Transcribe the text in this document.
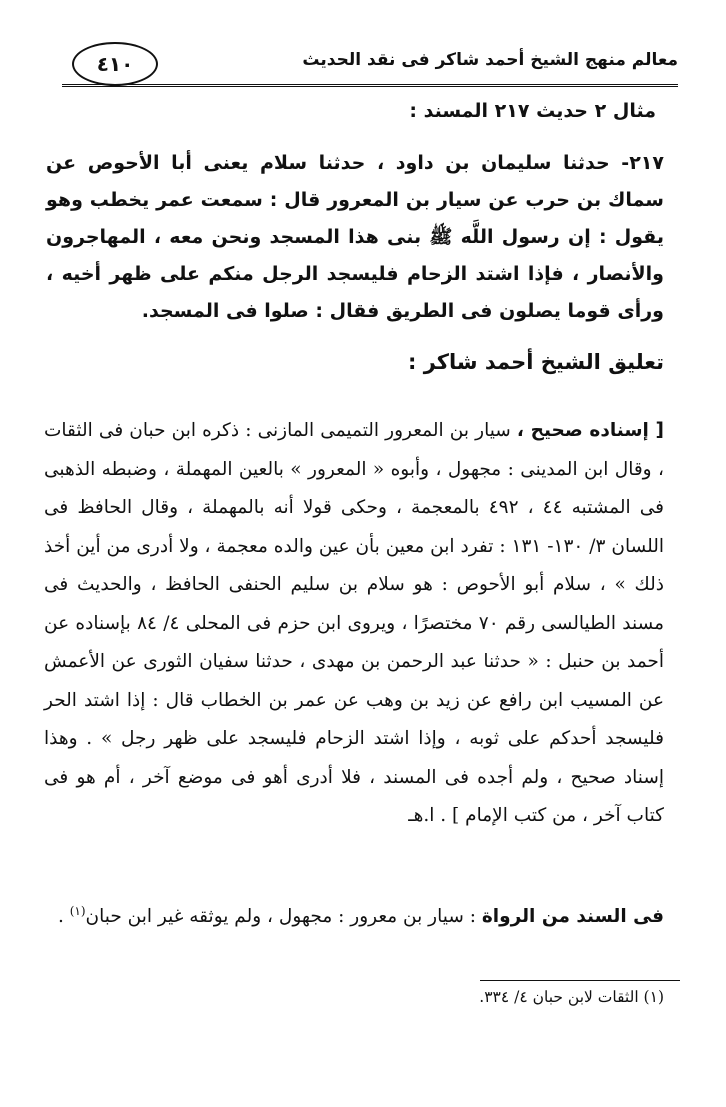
٤١٠	معالم منهج الشيخ أحمد شاكر فى نقد الحديث
مثال ٢ حديث ٢١٧ المسند :
٢١٧- حدثنا سليمان بن داود ، حدثنا سلام يعنى أبا الأحوص عن سماك بن حرب عن سيار بن المعرور قال : سمعت عمر يخطب وهو يقول : إن رسول اللَّه ﷺ بنى هذا المسجد ونحن معه ، المهاجرون والأنصار ، فإذا اشتد الزحام فليسجد الرجل منكم على ظهر أخيه ، ورأى قوما يصلون فى الطريق فقال : صلوا فى المسجد.
تعليق الشيخ أحمد شاكر :
[ إسناده صحيح ، سيار بن المعرور التميمى المازنى : ذكره ابن حبان فى الثقات ، وقال ابن المدينى : مجهول ، وأبوه « المعرور » بالعين المهملة ، وضبطه الذهبى فى المشتبه ٤٤ ، ٤٩٢ بالمعجمة ، وحكى قولا أنه بالمهملة ، وقال الحافظ فى اللسان ٣/ ١٣٠- ١٣١ : تفرد ابن معين بأن عين والده معجمة ، ولا أدرى من أين أخذ ذلك » ، سلام أبو الأحوص : هو سلام بن سليم الحنفى الحافظ ، والحديث فى مسند الطيالسى رقم ٧٠ مختصرًا ، ويروى ابن حزم فى المحلى ٤/ ٨٤ بإسناده عن أحمد بن حنبل : « حدثنا عبد الرحمن بن مهدى ، حدثنا سفيان الثورى عن الأعمش عن المسيب ابن رافع عن زيد بن وهب عن عمر بن الخطاب قال : إذا اشتد الحر فليسجد أحدكم على ثوبه ، وإذا اشتد الزحام فليسجد على ظهر رجل » . وهذا إسناد صحيح ، ولم أجده فى المسند ، فلا أدرى أهو فى موضع آخر ، أم هو فى كتاب آخر ، من كتب الإمام ] . ا.هـ
فى السند من الرواة : سيار بن معرور : مجهول ، ولم يوثقه غير ابن حبان$^{(١)}$ .
(١) الثقات لابن حبان ٤/ ٣٣٤.
